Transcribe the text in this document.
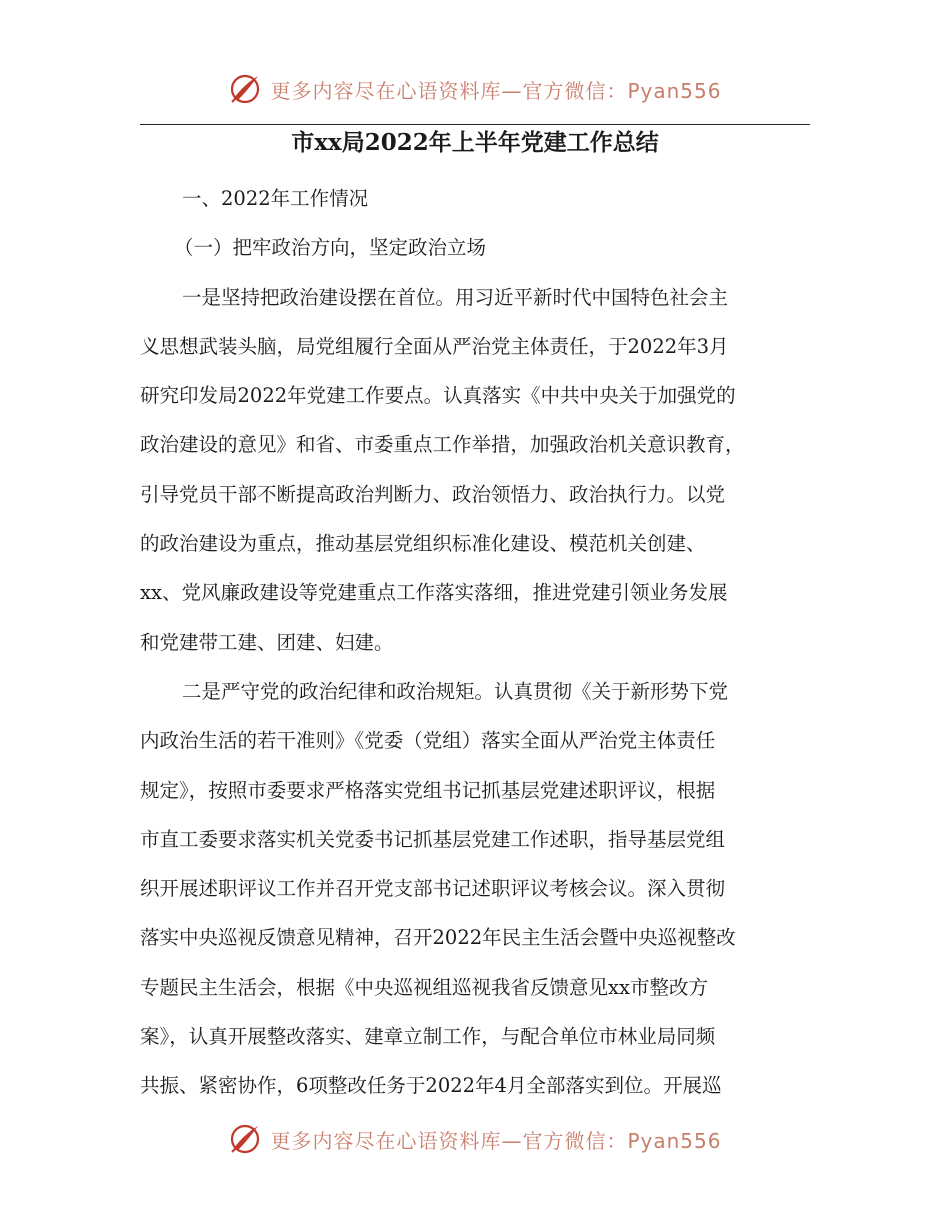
更多内容尽在心语资料库—官方微信：Pyan556
市xx局2022年上半年党建工作总结
一、2022年工作情况
（一）把牢政治方向，坚定政治立场
一是坚持把政治建设摆在首位。用习近平新时代中国特色社会主
义思想武装头脑，局党组履行全面从严治党主体责任，于2022年3月
研究印发局2022年党建工作要点。认真落实《中共中央关于加强党的
政治建设的意见》和省、市委重点工作举措，加强政治机关意识教育，
引导党员干部不断提高政治判断力、政治领悟力、政治执行力。以党
的政治建设为重点，推动基层党组织标准化建设、模范机关创建、
xx、党风廉政建设等党建重点工作落实落细，推进党建引领业务发展
和党建带工建、团建、妇建。
二是严守党的政治纪律和政治规矩。认真贯彻《关于新形势下党
内政治生活的若干准则》《党委（党组）落实全面从严治党主体责任
规定》，按照市委要求严格落实党组书记抓基层党建述职评议，根据
市直工委要求落实机关党委书记抓基层党建工作述职，指导基层党组
织开展述职评议工作并召开党支部书记述职评议考核会议。深入贯彻
落实中央巡视反馈意见精神，召开2022年民主生活会暨中央巡视整改
专题民主生活会，根据《中央巡视组巡视我省反馈意见xx市整改方
案》，认真开展整改落实、建章立制工作，与配合单位市林业局同频
共振、紧密协作，6项整改任务于2022年4月全部落实到位。开展巡
更多内容尽在心语资料库—官方微信：Pyan556
